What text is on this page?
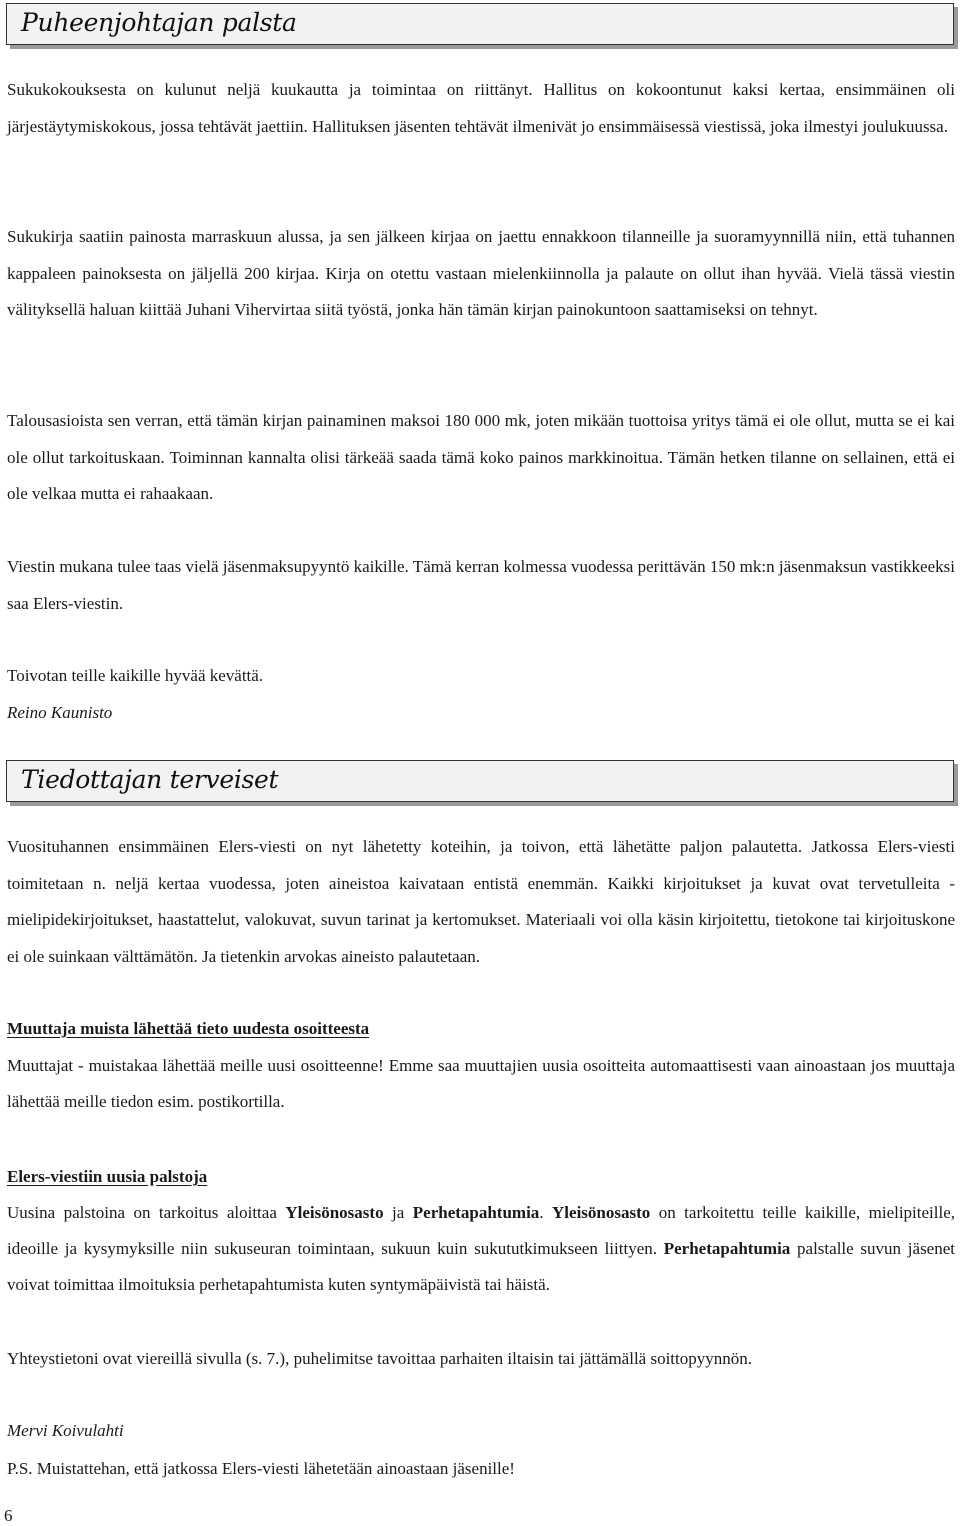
Puheenjohtajan palsta

Sukukokouksesta on kulunut neljä kuukautta ja toimintaa on riittänyt. Hallitus on kokoontunut kaksi kertaa, ensimmäinen oli järjestäytymiskokous, jossa tehtävät jaettiin. Hallituksen jäsenten tehtävät ilmenivät jo ensimmäisessä viestissä, joka ilmestyi joulukuussa.

Sukukirja saatiin painosta marraskuun alussa, ja sen jälkeen kirjaa on jaettu ennakkoon tilanneille ja suoramyynnillä niin, että tuhannen kappaleen painoksesta on jäljellä 200 kirjaa. Kirja on otettu vastaan mielenkiinnolla ja palaute on ollut ihan hyvää. Vielä tässä viestin välityksellä haluan kiittää Juhani Vihervirtaa siitä työstä, jonka hän tämän kirjan painokuntoon saattamiseksi on tehnyt.

Talousasioista sen verran, että tämän kirjan painaminen maksoi 180 000 mk, joten mikään tuottoisa yritys tämä ei ole ollut, mutta se ei kai ole ollut tarkoituskaan. Toiminnan kannalta olisi tärkeää saada tämä koko painos markkinoitua. Tämän hetken tilanne on sellainen, että ei ole velkaa mutta ei rahaakaan.

Viestin mukana tulee taas vielä jäsenmaksupyyntö kaikille. Tämä kerran kolmessa vuodessa perittävän 150 mk:n jäsenmaksun vastikkeeksi saa Elers-viestin.

Toivotan teille kaikille hyvää kevättä.

Reino Kaunisto

Tiedottajan terveiset

Vuosituhannen ensimmäinen Elers-viesti on nyt lähetetty koteihin, ja toivon, että lähetätte paljon palautetta. Jatkossa Elers-viesti toimitetaan n. neljä kertaa vuodessa, joten aineistoa kaivataan entistä enemmän. Kaikki kirjoitukset ja kuvat ovat tervetulleita - mielipidekirjoitukset, haastattelut, valokuvat, suvun tarinat ja kertomukset. Materiaali voi olla käsin kirjoitettu, tietokone tai kirjoituskone ei ole suinkaan välttämätön. Ja tietenkin arvokas aineisto palautetaan.

Muuttaja muista lähettää tieto uudesta osoitteesta

Muuttajat - muistakaa lähettää meille uusi osoitteenne! Emme saa muuttajien uusia osoitteita automaattisesti vaan ainoastaan jos muuttaja lähettää meille tiedon esim. postikortilla.

Elers-viestiin uusia palstoja

Uusina palstoina on tarkoitus aloittaa Yleisönosasto ja Perhetapahtumia. Yleisönosasto on tarkoitettu teille kaikille, mielipiteille, ideoille ja kysymyksille niin sukuseuran toimintaan, sukuun kuin sukututkimukseen liittyen. Perhetapahtumia palstalle suvun jäsenet voivat toimittaa ilmoituksia perhetapahtumista kuten syntymäpäivistä tai häistä.

Yhteystietoni ovat viereillä sivulla (s. 7.), puhelimitse tavoittaa parhaiten iltaisin tai jättämällä soittopyynnön.

Mervi Koivulahti

P.S. Muistattehan, että jatkossa Elers-viesti lähetetään ainoastaan jäsenille!

6
